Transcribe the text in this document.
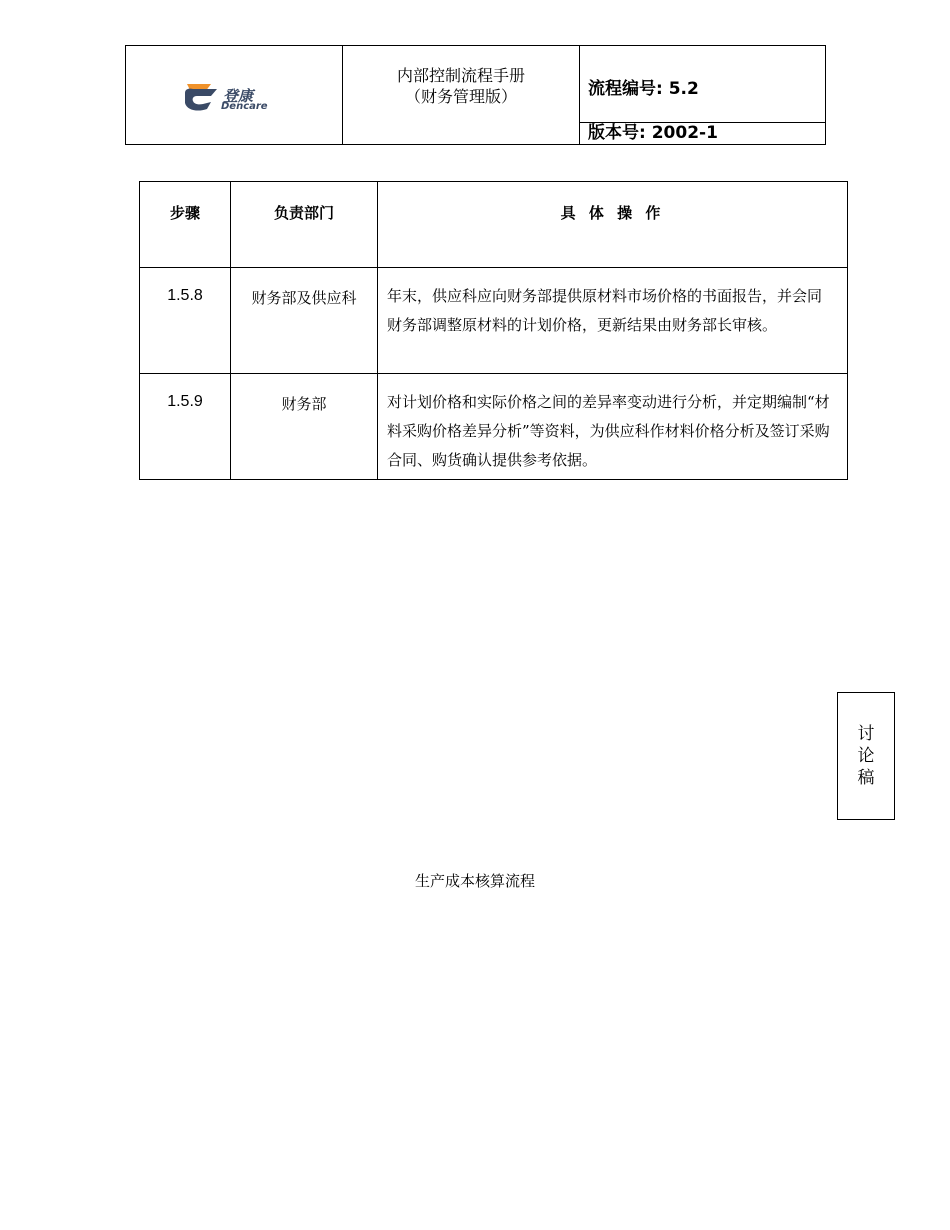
登康
Dencare
内部控制流程手册
（财务管理版）	流程编号: 5.2
版本号: 2002-1
步骤	负责部门	具 体 操 作
1.5.8	财务部及供应科	年末，供应科应向财务部提供原材料市场价格的书面报告，并会同财务部调整原材料的计划价格，更新结果由财务部长审核。
1.5.9	财务部	对计划价格和实际价格之间的差异率变动进行分析，并定期编制“材料采购价格差异分析”等资料，为供应科作材料价格分析及签订采购合同、购货确认提供参考依据。
讨论稿
生产成本核算流程
